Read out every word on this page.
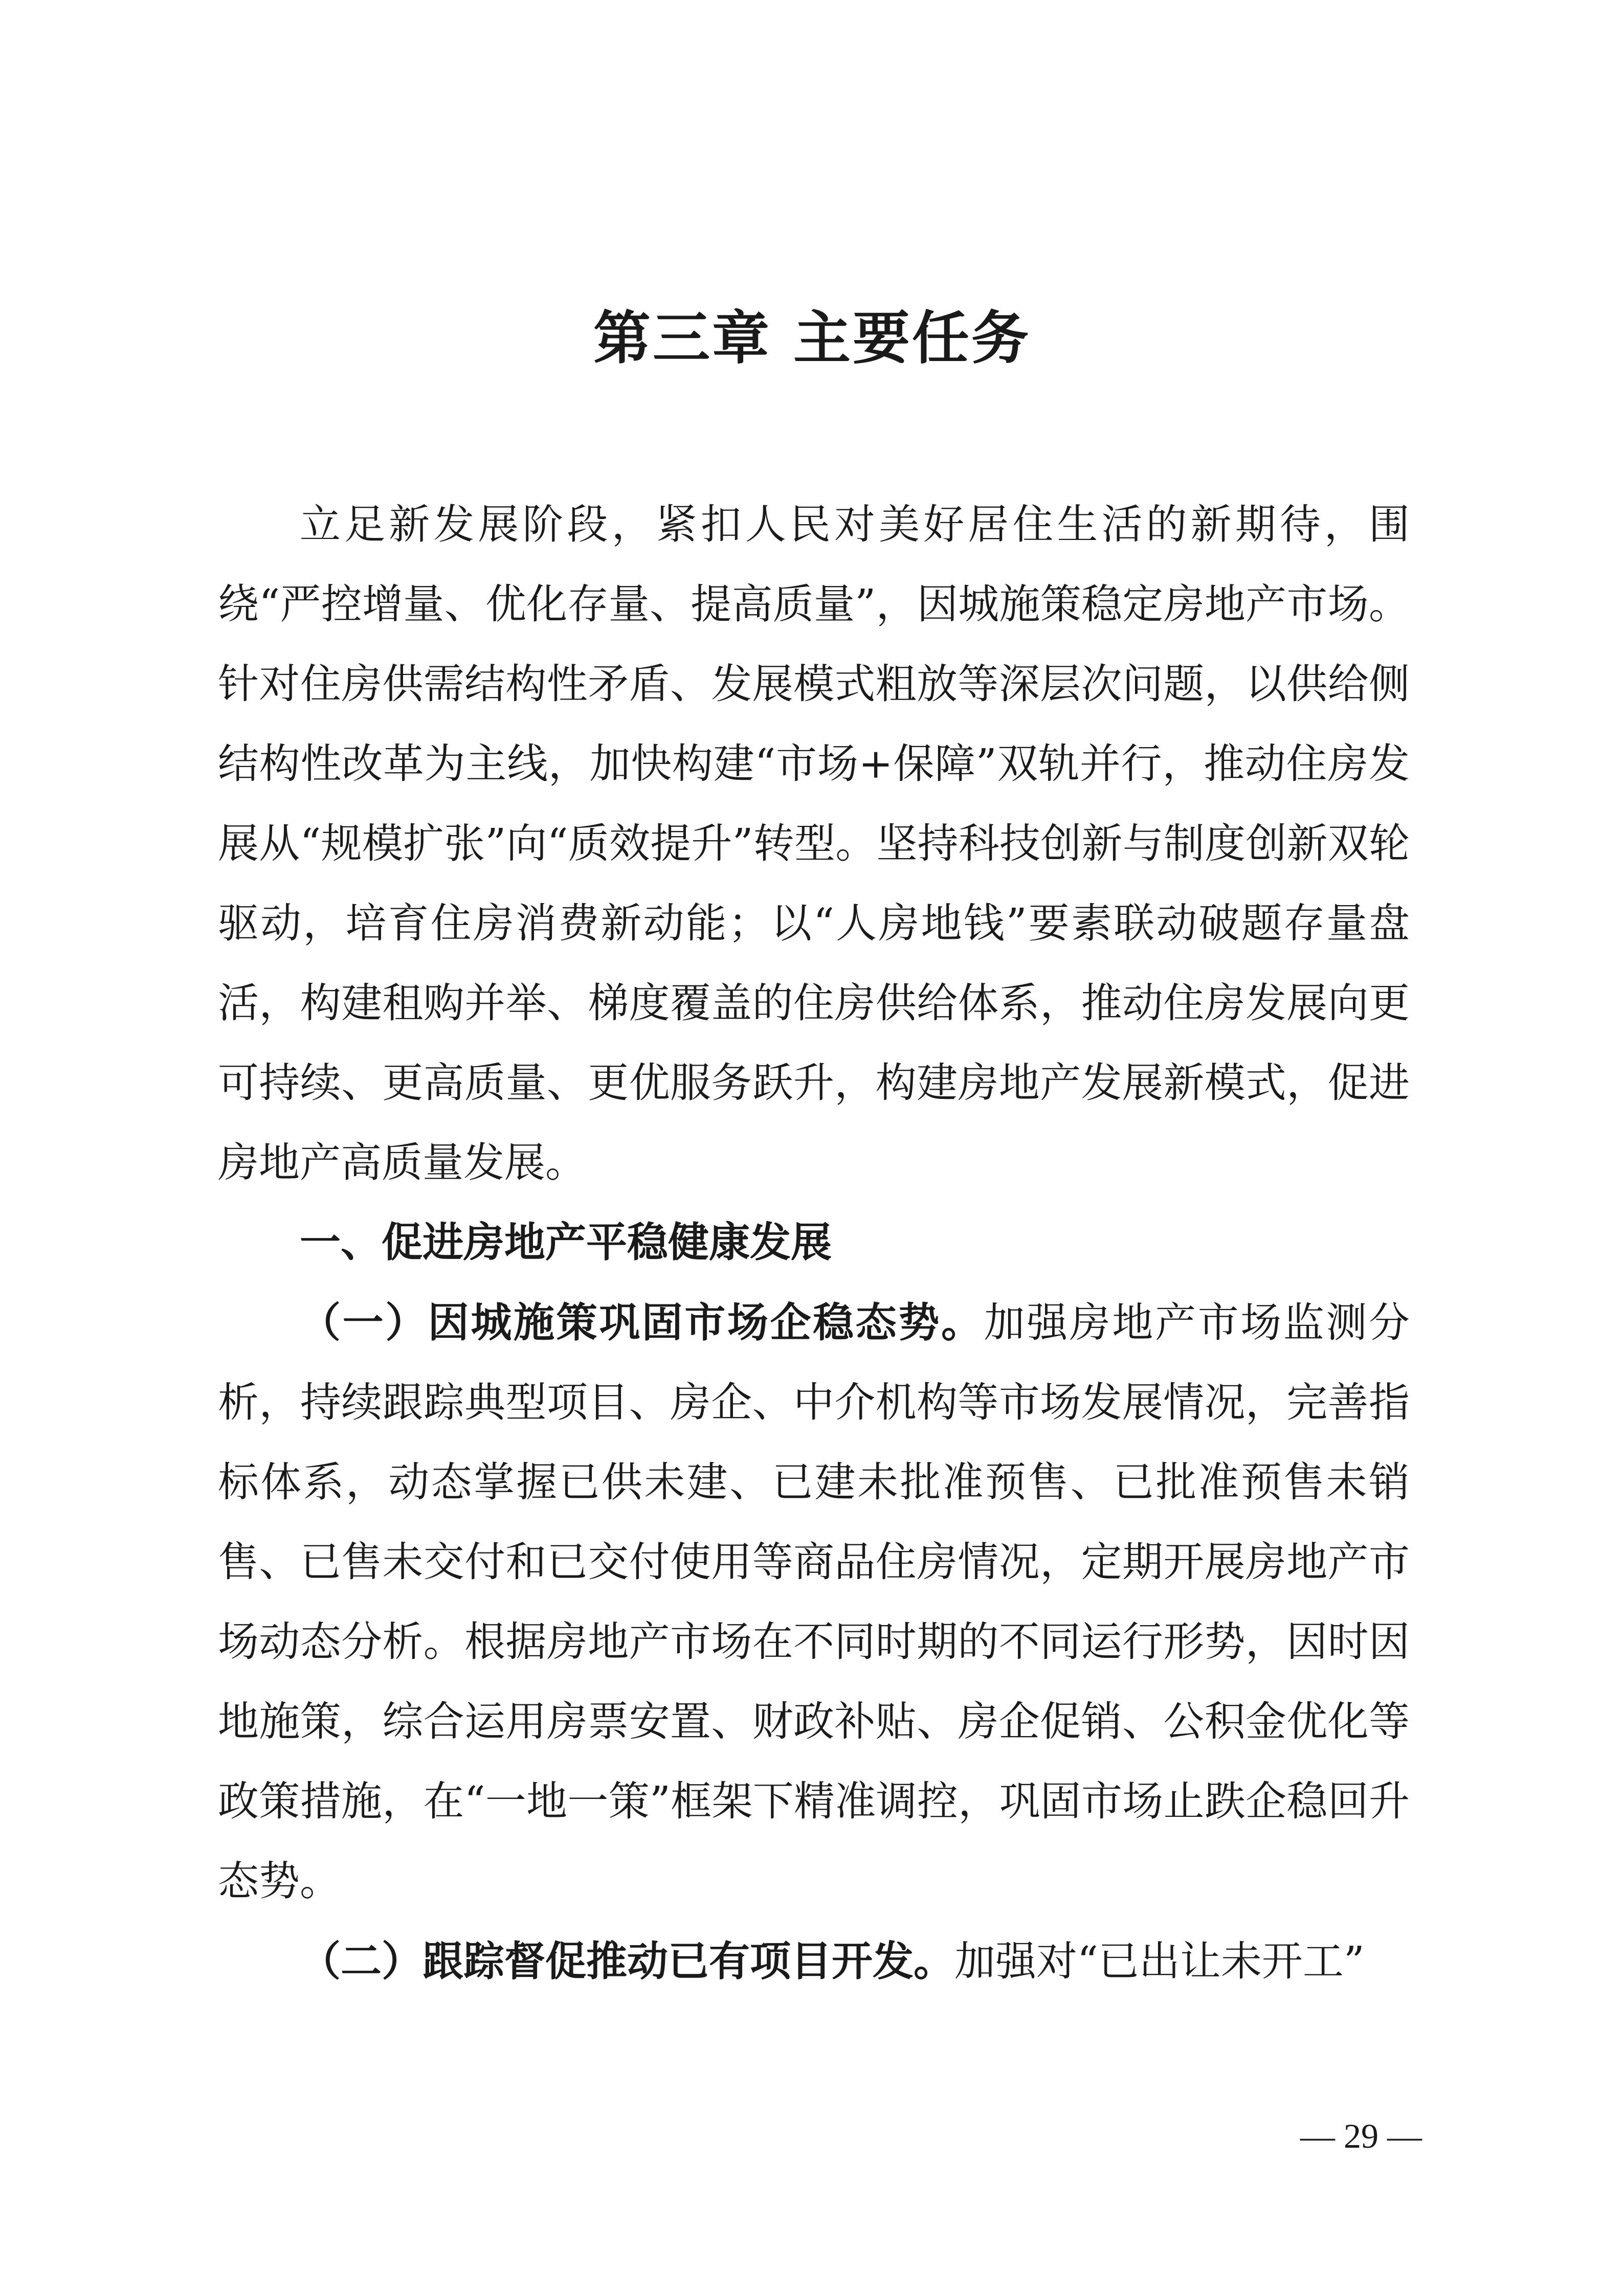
第三章 主要任务

立足新发展阶段，紧扣人民对美好居住生活的新期待，围绕“严控增量、优化存量、提高质量”，因城施策稳定房地产市场。针对住房供需结构性矛盾、发展模式粗放等深层次问题，以供给侧结构性改革为主线，加快构建“市场+保障”双轨并行，推动住房发展从“规模扩张”向“质效提升”转型。坚持科技创新与制度创新双轮驱动，培育住房消费新动能；以“人房地钱”要素联动破题存量盘活，构建租购并举、梯度覆盖的住房供给体系，推动住房发展向更可持续、更高质量、更优服务跃升，构建房地产发展新模式，促进房地产高质量发展。

一、促进房地产平稳健康发展

（一）因城施策巩固市场企稳态势。加强房地产市场监测分析，持续跟踪典型项目、房企、中介机构等市场发展情况，完善指标体系，动态掌握已供未建、已建未批准预售、已批准预售未销售、已售未交付和已交付使用等商品住房情况，定期开展房地产市场动态分析。根据房地产市场在不同时期的不同运行形势，因时因地施策，综合运用房票安置、财政补贴、房企促销、公积金优化等政策措施，在“一地一策”框架下精准调控，巩固市场止跌企稳回升态势。

（二）跟踪督促推动已有项目开发。加强对“已出让未开工”

— 29 —
